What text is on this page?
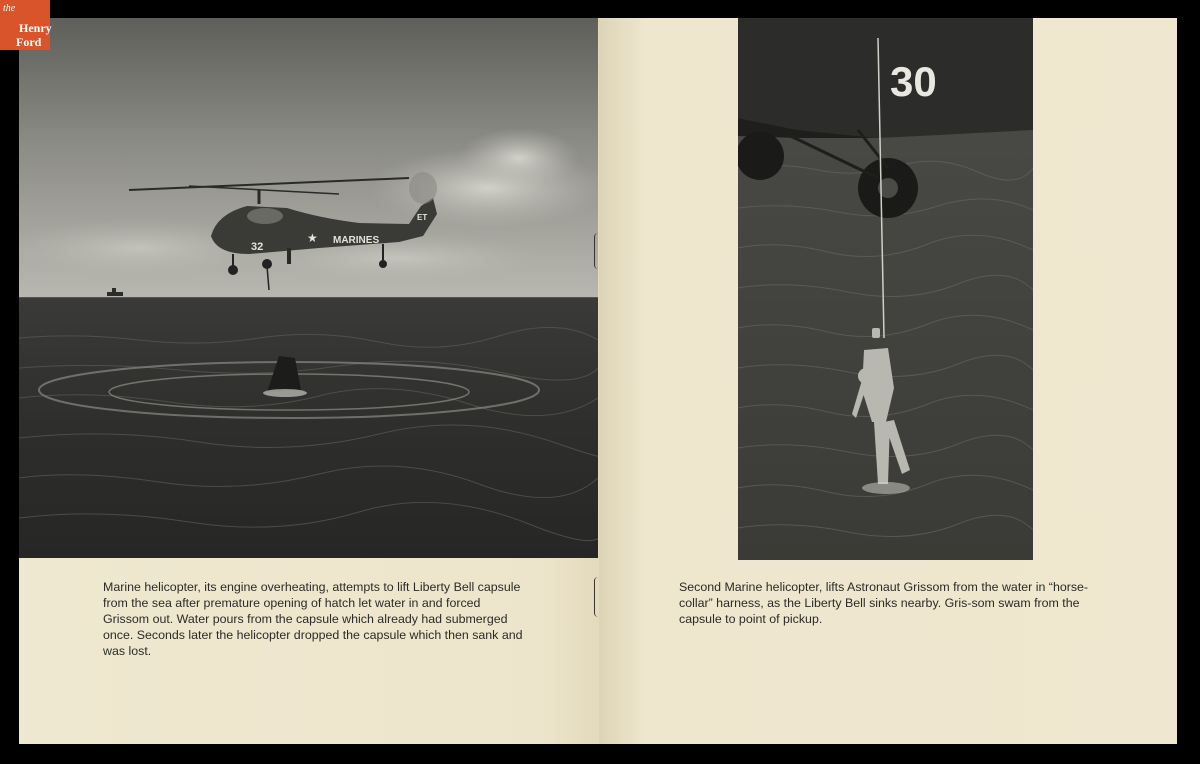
the
Henry
Ford
32
★ MARINES
ET
30

Marine helicopter, its engine overheating, attempts to lift Liberty Bell capsule from the sea after premature opening of hatch let water in and forced Grissom out. Water pours from the capsule which already had submerged once. Seconds later the helicopter dropped the capsule which then sank and was lost.

Second Marine helicopter, lifts Astronaut Grissom from the water in “horse-collar” harness, as the Liberty Bell sinks nearby. Gris-som swam from the capsule to point of pickup.
